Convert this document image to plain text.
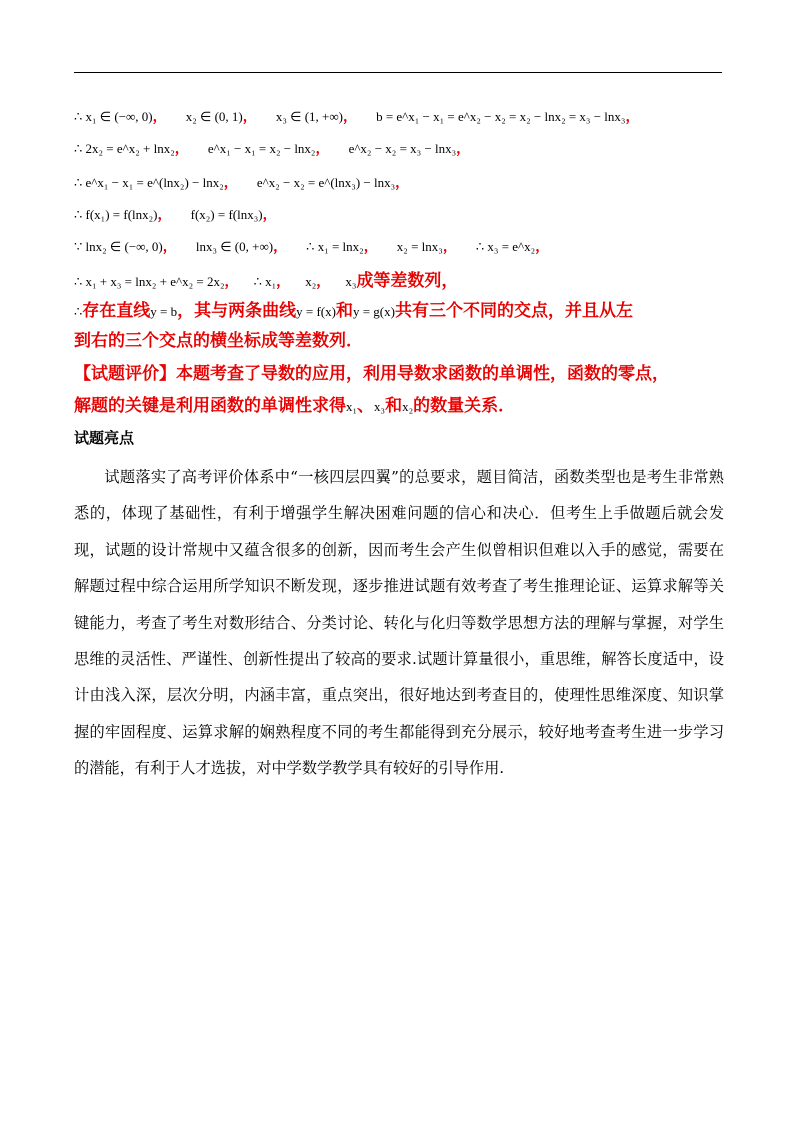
∴ x₁ ∈ (−∞, 0)， x₂ ∈ (0, 1)， x₃ ∈ (1, +∞)， b = e^x₁ − x₁ = e^x₂ − x₂ = x₂ − lnx₂ = x₃ − lnx₃，
∴ 2x₂ = e^x₂ + lnx₂， e^x₁ − x₁ = x₂ − lnx₂， e^x₂ − x₂ = x₃ − lnx₃，
∴ e^x₁ − x₁ = e^(lnx₂) − lnx₂， e^x₂ − x₂ = e^(lnx₃) − lnx₃，
∴ f(x₁) = f(lnx₂)， f(x₂) = f(lnx₃)，
∵ lnx₂ ∈ (−∞, 0)， lnx₃ ∈ (0, +∞)， ∴ x₁ = lnx₂， x₂ = lnx₃， ∴ x₃ = e^x₂，
∴ x₁ + x₃ = lnx₂ + e^x₂ = 2x₂， ∴ x₁， x₂， x₃成等差数列，
∴存在直线y = b，其与两条曲线y = f(x)和y = g(x)共有三个不同的交点，并且从左
到右的三个交点的横坐标成等差数列．
【试题评价】本题考查了导数的应用，利用导数求函数的单调性，函数的零点，
解题的关键是利用函数的单调性求得x₁、x₃和x₂的数量关系．
试题亮点

试题落实了高考评价体系中“一核四层四翼”的总要求，题目简洁，函数类型也是考生非常熟悉的，体现了基础性，有利于增强学生解决困难问题的信心和决心．但考生上手做题后就会发现，试题的设计常规中又蕴含很多的创新，因而考生会产生似曾相识但难以入手的感觉，需要在解题过程中综合运用所学知识不断发现，逐步推进试题有效考查了考生推理论证、运算求解等关键能力，考查了考生对数形结合、分类讨论、转化与化归等数学思想方法的理解与掌握，对学生思维的灵活性、严谨性、创新性提出了较高的要求.试题计算量很小，重思维，解答长度适中，设计由浅入深，层次分明，内涵丰富，重点突出，很好地达到考查目的，使理性思维深度、知识掌握的牢固程度、运算求解的娴熟程度不同的考生都能得到充分展示，较好地考查考生进一步学习的潜能，有利于人才选拔，对中学数学教学具有较好的引导作用.
